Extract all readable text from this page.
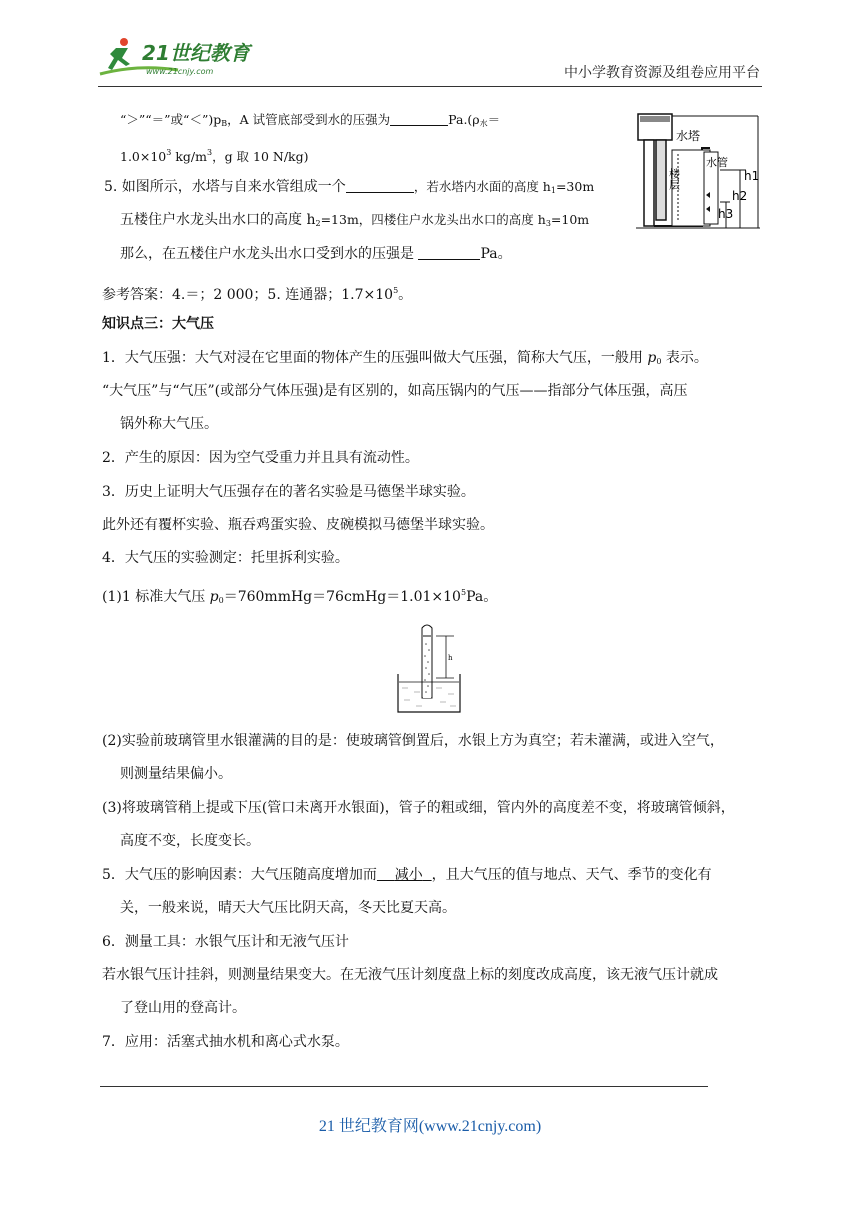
21世纪教育
www.21cnjy.com	中小学教育资源及组卷应用平台
“＞”“＝”或“$<”)p_B$，A 试管底部受到水的压强为	$Pa.(\rho_水=$
$1.0\times 10^3$ $kg/m^3$，g 取 10 N/kg)
5. 如图所示，水塔与自来水管组成一个	，若水塔内水面的高度 $h_1=30m$
五楼住户水龙头出水口的高度 $h_2=13m$，四楼住户水龙头出水口的高度 $h_3=10m$
那么，在五楼住户水龙头出水口受到水的压强是	Pa。
楼层
水管
水塔
h1
h2
h3
参考答案：4.＝；2 000；5. 连通器；$1.7\times 10^5$。
知识点三：大气压
1．大气压强：大气对浸在它里面的物体产生的压强叫做大气压强，简称大气压，一般用 $p_0$ 表示。
“大气压”与“气压”(或部分气体压强)是有区别的，如高压锅内的气压——指部分气体压强，高压
锅外称大气压。
2．产生的原因：因为空气受重力并且具有流动性。
3．历史上证明大气压强存在的著名实验是马德堡半球实验。
此外还有覆杯实验、瓶吞鸡蛋实验、皮碗模拟马德堡半球实验。
4．大气压的实验测定：托里拆利实验。
(1)1 标准大气压 $p_0=760mmHg=76cmHg=1.01\times 10^5Pa$。
h
(2)实验前玻璃管里水银灌满的目的是：使玻璃管倒置后，水银上方为真空；若未灌满，或进入空气，
则测量结果偏小。
(3)将玻璃管稍上提或下压(管口未离开水银面)，管子的粗或细，管内外的高度差不变，将玻璃管倾斜，
高度不变，长度变长。
5．大气压的影响因素：大气压随高度增加而 减小 ，且大气压的值与地点、天气、季节的变化有
关，一般来说，晴天大气压比阴天高，冬天比夏天高。
6．测量工具：水银气压计和无液气压计
若水银气压计挂斜，则测量结果变大。在无液气压计刻度盘上标的刻度改成高度，该无液气压计就成
了登山用的登高计。
7．应用：活塞式抽水机和离心式水泵。
21 世纪教育网(www.21cnjy.com)
